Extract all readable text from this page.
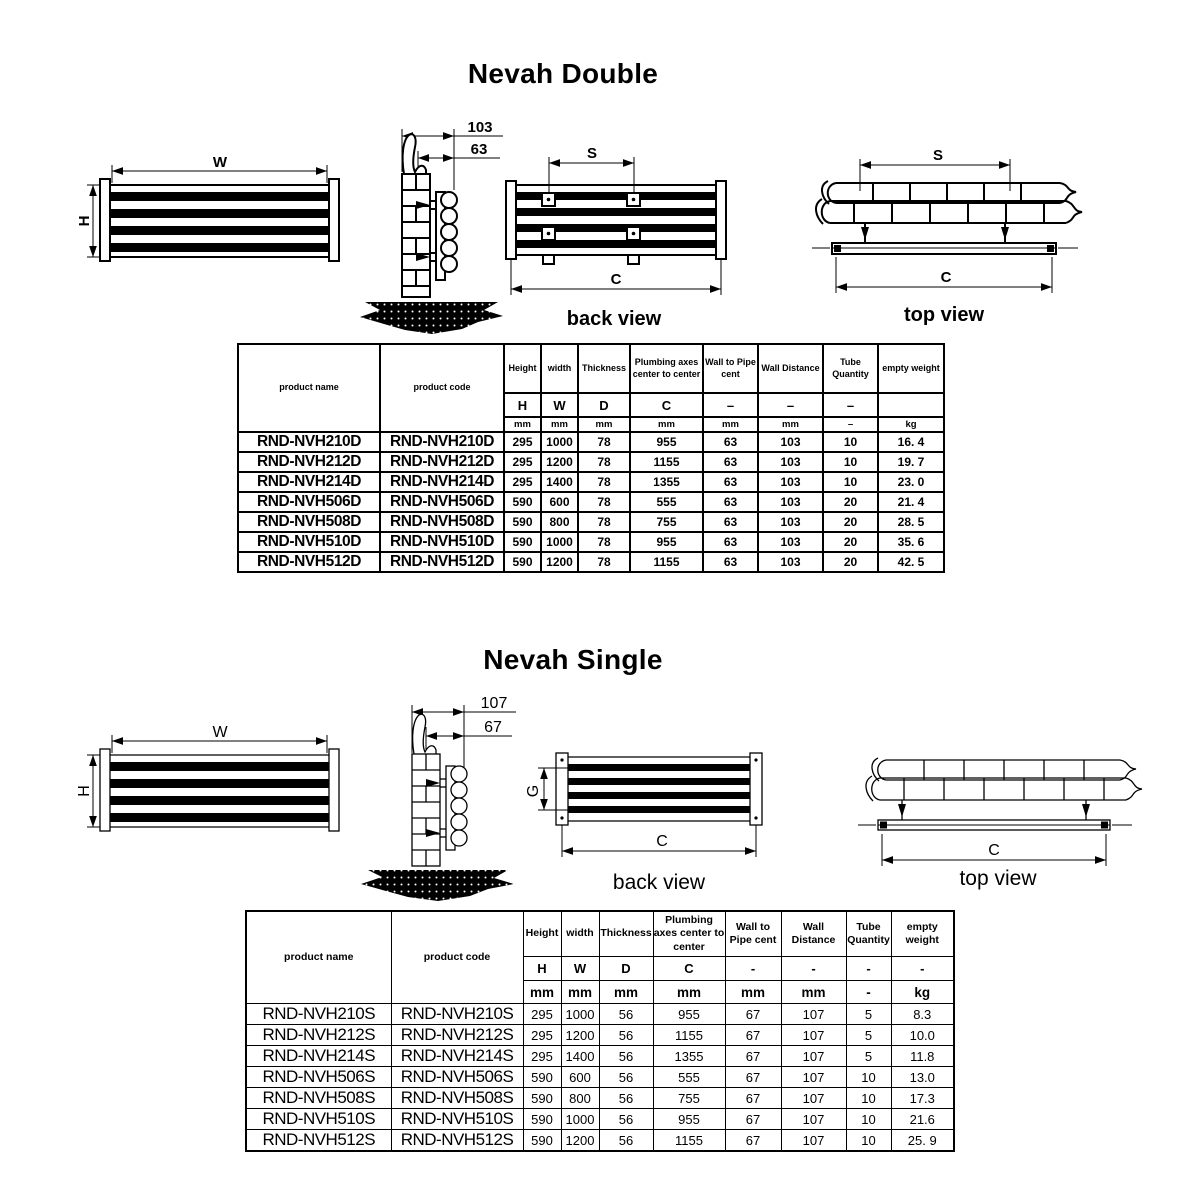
Nevah Double
W
H
103
63	S
C
back view
S
C
top view
product name	product code	Height	width	Thickness	Plumbing axes center to center	Wall to Pipe cent	Wall Distance	Tube Quantity	empty weight
		H	W	D	C	–	–	–	
		mm	mm	mm	mm	mm	mm	–	kg
RND-NVH210D	RND-NVH210D	295	1000	78	955	63	103	10	16. 4
RND-NVH212D	RND-NVH212D	295	1200	78	1155	63	103	10	19. 7
RND-NVH214D	RND-NVH214D	295	1400	78	1355	63	103	10	23. 0
RND-NVH506D	RND-NVH506D	590	600	78	555	63	103	20	21. 4
RND-NVH508D	RND-NVH508D	590	800	78	755	63	103	20	28. 5
RND-NVH510D	RND-NVH510D	590	1000	78	955	63	103	20	35. 6
RND-NVH512D	RND-NVH512D	590	1200	78	1155	63	103	20	42. 5
Nevah Single
W
H
107
67
G
C
back view
C
top view
product name	product code	Height	width	Thickness	Plumbing axes center to center	Wall to Pipe cent	Wall Distance	Tube Quantity	empty weight
		H	W	D	C	-	-	-	-
		mm	mm	mm	mm	mm	mm	-	kg
RND-NVH210S	RND-NVH210S	295	1000	56	955	67	107	5	8.3
RND-NVH212S	RND-NVH212S	295	1200	56	1155	67	107	5	10.0
RND-NVH214S	RND-NVH214S	295	1400	56	1355	67	107	5	11.8
RND-NVH506S	RND-NVH506S	590	600	56	555	67	107	10	13.0
RND-NVH508S	RND-NVH508S	590	800	56	755	67	107	10	17.3
RND-NVH510S	RND-NVH510S	590	1000	56	955	67	107	10	21.6
RND-NVH512S	RND-NVH512S	590	1200	56	1155	67	107	10	25. 9
